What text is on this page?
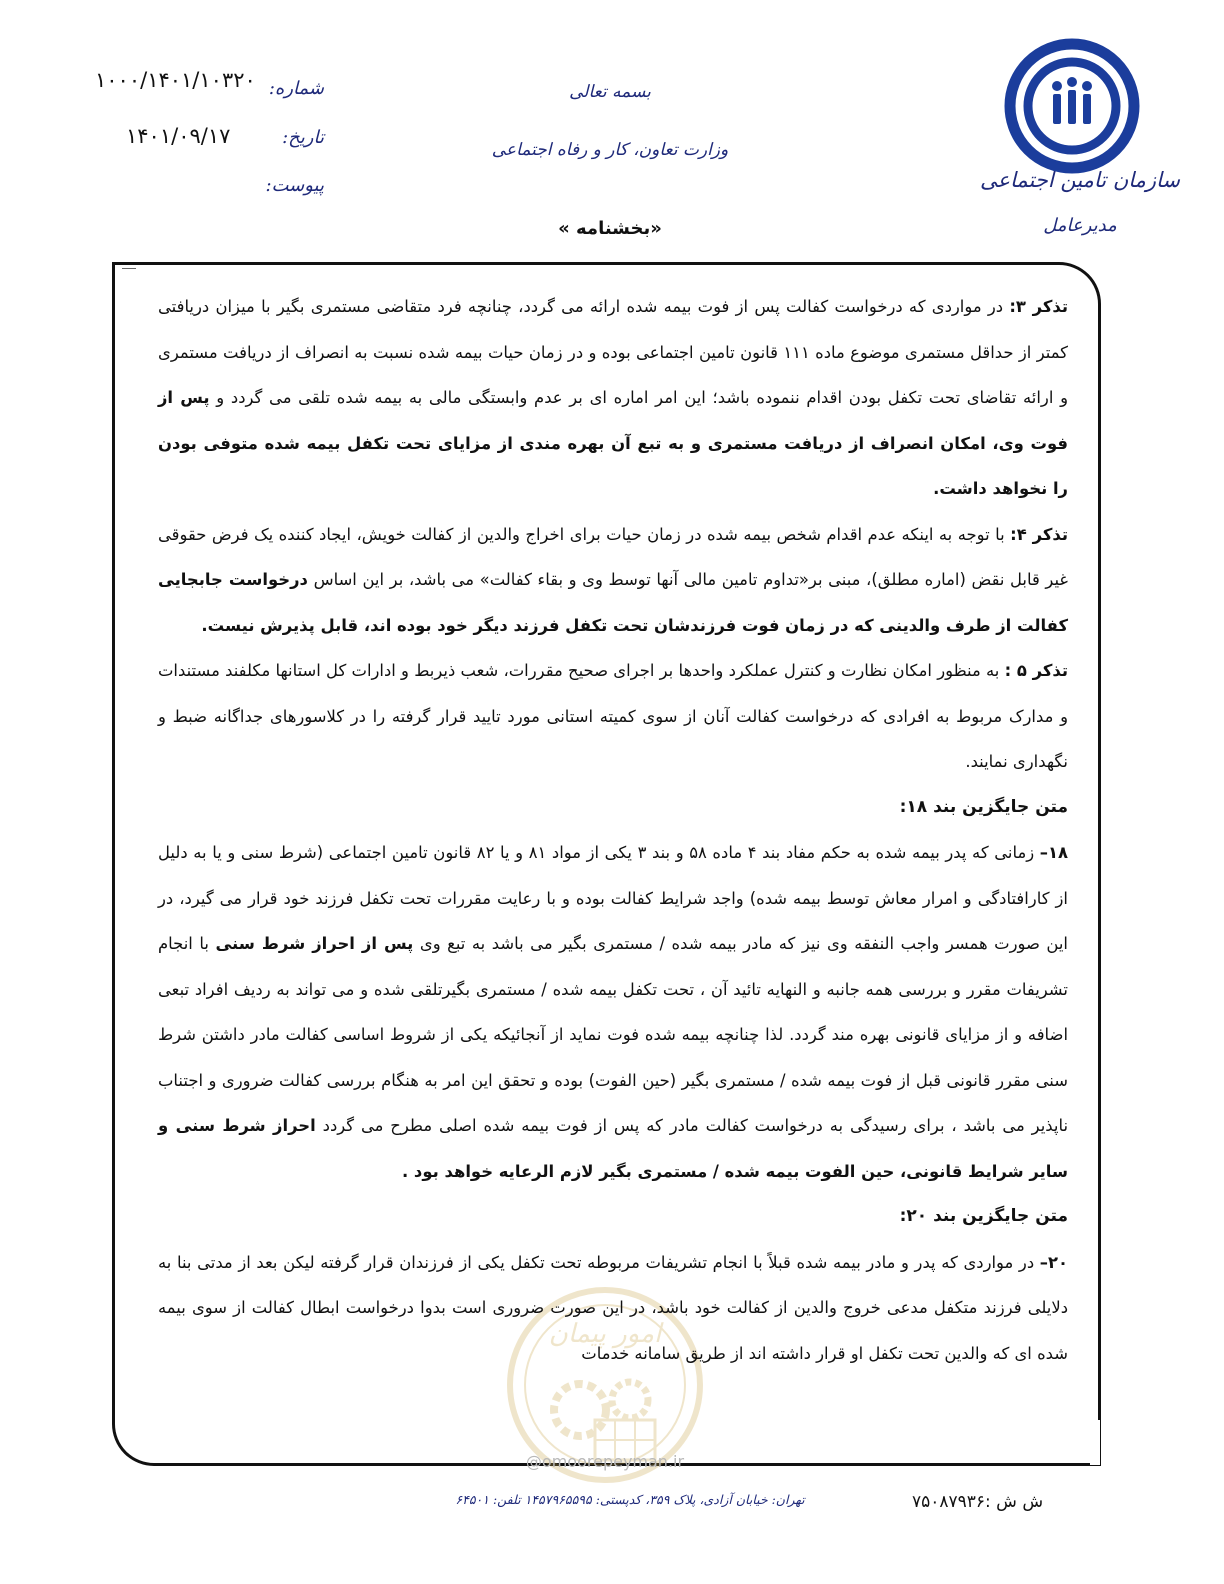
۱۰۰۰/۱۴۰۱/۱۰۳۲۰
۱۴۰۱/۰۹/۱۷
شماره:
تاریخ:
پیوست:
بسمه تعالی
وزارت تعاون، کار و رفاه اجتماعی
سازمان تامین اجتماعی
مدیرعامل
«بخشنامه »
امور پیمان
@omoorepeyman.ir

تذکر ۳: در مواردی که درخواست کفالت پس از فوت بیمه شده ارائه می گردد، چنانچه فرد متقاضی مستمری بگیر با میزان دریافتی کمتر از حداقل مستمری موضوع ماده ۱۱۱ قانون تامین اجتماعی بوده و در زمان حیات بیمه شده نسبت به انصراف از دریافت مستمری و ارائه تقاضای تحت تکفل بودن اقدام ننموده باشد؛ این امر اماره ای بر عدم وابستگی مالی به بیمه شده تلقی می گردد و پس از فوت وی، امکان انصراف از دریافت مستمری و به تبع آن بهره مندی از مزایای تحت تکفل بیمه شده متوفی بودن را نخواهد داشت.

تذکر ۴: با توجه به اینکه عدم اقدام شخص بیمه شده در زمان حیات برای اخراج والدین از کفالت خویش، ایجاد کننده یک فرض حقوقی غیر قابل نقض (اماره مطلق)، مبنی بر«تداوم تامین مالی آنها توسط وی و بقاء کفالت» می باشد، بر این اساس درخواست جابجایی کفالت از طرف والدینی که در زمان فوت فرزندشان تحت تکفل فرزند دیگر خود بوده اند، قابل پذیرش نیست.

تذکر ۵ : به منظور امکان نظارت و کنترل عملکرد واحدها بر اجرای صحیح مقررات، شعب ذیربط و ادارات کل استانها مکلفند مستندات و مدارک مربوط به افرادی که درخواست کفالت آنان از سوی کمیته استانی مورد تایید قرار گرفته را در کلاسورهای جداگانه ضبط و نگهداری نمایند.

متن جایگزین بند ۱۸:

۱۸– زمانی که پدر بیمه شده به حکم مفاد بند ۴ ماده ۵۸ و بند ۳ یکی از مواد ۸۱ و یا ۸۲ قانون تامین اجتماعی (شرط سنی و یا به دلیل از کارافتادگی و امرار معاش توسط بیمه شده) واجد شرایط کفالت بوده و با رعایت مقررات تحت تکفل فرزند خود قرار می گیرد، در این صورت همسر واجب النفقه وی نیز که مادر بیمه شده / مستمری بگیر می باشد به تبع وی پس از احراز شرط سنی با انجام تشریفات مقرر و بررسی همه جانبه و النهایه تائید آن ، تحت تکفل بیمه شده / مستمری بگیرتلقی شده و می تواند به ردیف افراد تبعی اضافه و از مزایای قانونی بهره مند گردد. لذا چنانچه بیمه شده فوت نماید از آنجائیکه یکی از شروط اساسی کفالت مادر داشتن شرط سنی مقرر قانونی قبل از فوت بیمه شده / مستمری بگیر (حین الفوت) بوده و تحقق این امر به هنگام بررسی کفالت ضروری و اجتناب ناپذیر می باشد ، برای رسیدگی به درخواست کفالت مادر که پس از فوت بیمه شده اصلی مطرح می گردد احراز شرط سنی و سایر شرایط قانونی، حین الفوت بیمه شده / مستمری بگیر لازم الرعایه خواهد بود .

متن جایگزین بند ۲۰:

۲۰– در مواردی که پدر و مادر بیمه شده قبلاً با انجام تشریفات مربوطه تحت تکفل یکی از فرزندان قرار گرفته لیکن بعد از مدتی بنا به دلایلی فرزند متکفل مدعی خروج والدین از کفالت خود باشد، در این صورت ضروری است بدوا درخواست ابطال کفالت از سوی بیمه شده ای که والدین تحت تکفل او قرار داشته اند از طریق سامانه خدمات

تهران: خیابان آزادی، پلاک ۳۵۹، کدپستی: ۱۴۵۷۹۶۵۵۹۵ تلفن: ۶۴۵۰۱	ش ش :۷۵۰۸۷۹۳۶
